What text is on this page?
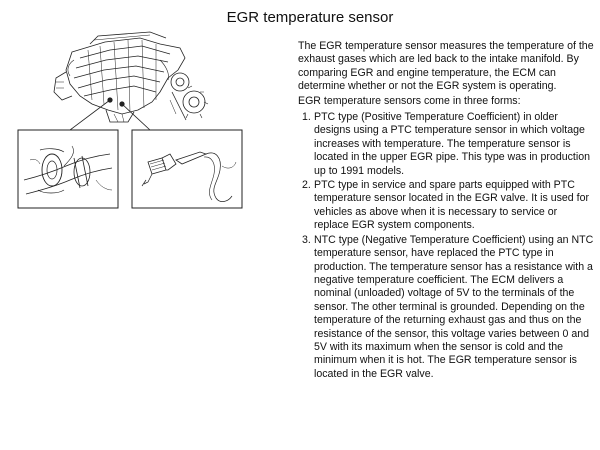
EGR temperature sensor

The EGR temperature sensor measures the temperature of the exhaust gases which are led back to the intake manifold. By comparing EGR and engine temperature, the ECM can determine whether or not the EGR system is operating.

EGR temperature sensors come in three forms:

1. PTC type (Positive Temperature Coefficient) in older designs using a PTC temperature sensor in which voltage increases with temperature. The temperature sensor is located in the upper EGR pipe. This type was in production up to 1991 models.
2. PTC type in service and spare parts equipped with PTC temperature sensor located in the EGR valve. It is used for vehicles as above when it is necessary to service or replace EGR system components.
3. NTC type (Negative Temperature Coefficient) using an NTC temperature sensor, have replaced the PTC type in production. The temperature sensor has a resistance with a negative temperature coefficient. The ECM delivers a nominal (unloaded) voltage of 5V to the terminals of the sensor. The other terminal is grounded. Depending on the temperature of the returning exhaust gas and thus on the resistance of the sensor, this voltage varies between 0 and 5V with its maximum when the sensor is cold and the minimum when it is hot. The EGR temperature sensor is located in the EGR valve.
